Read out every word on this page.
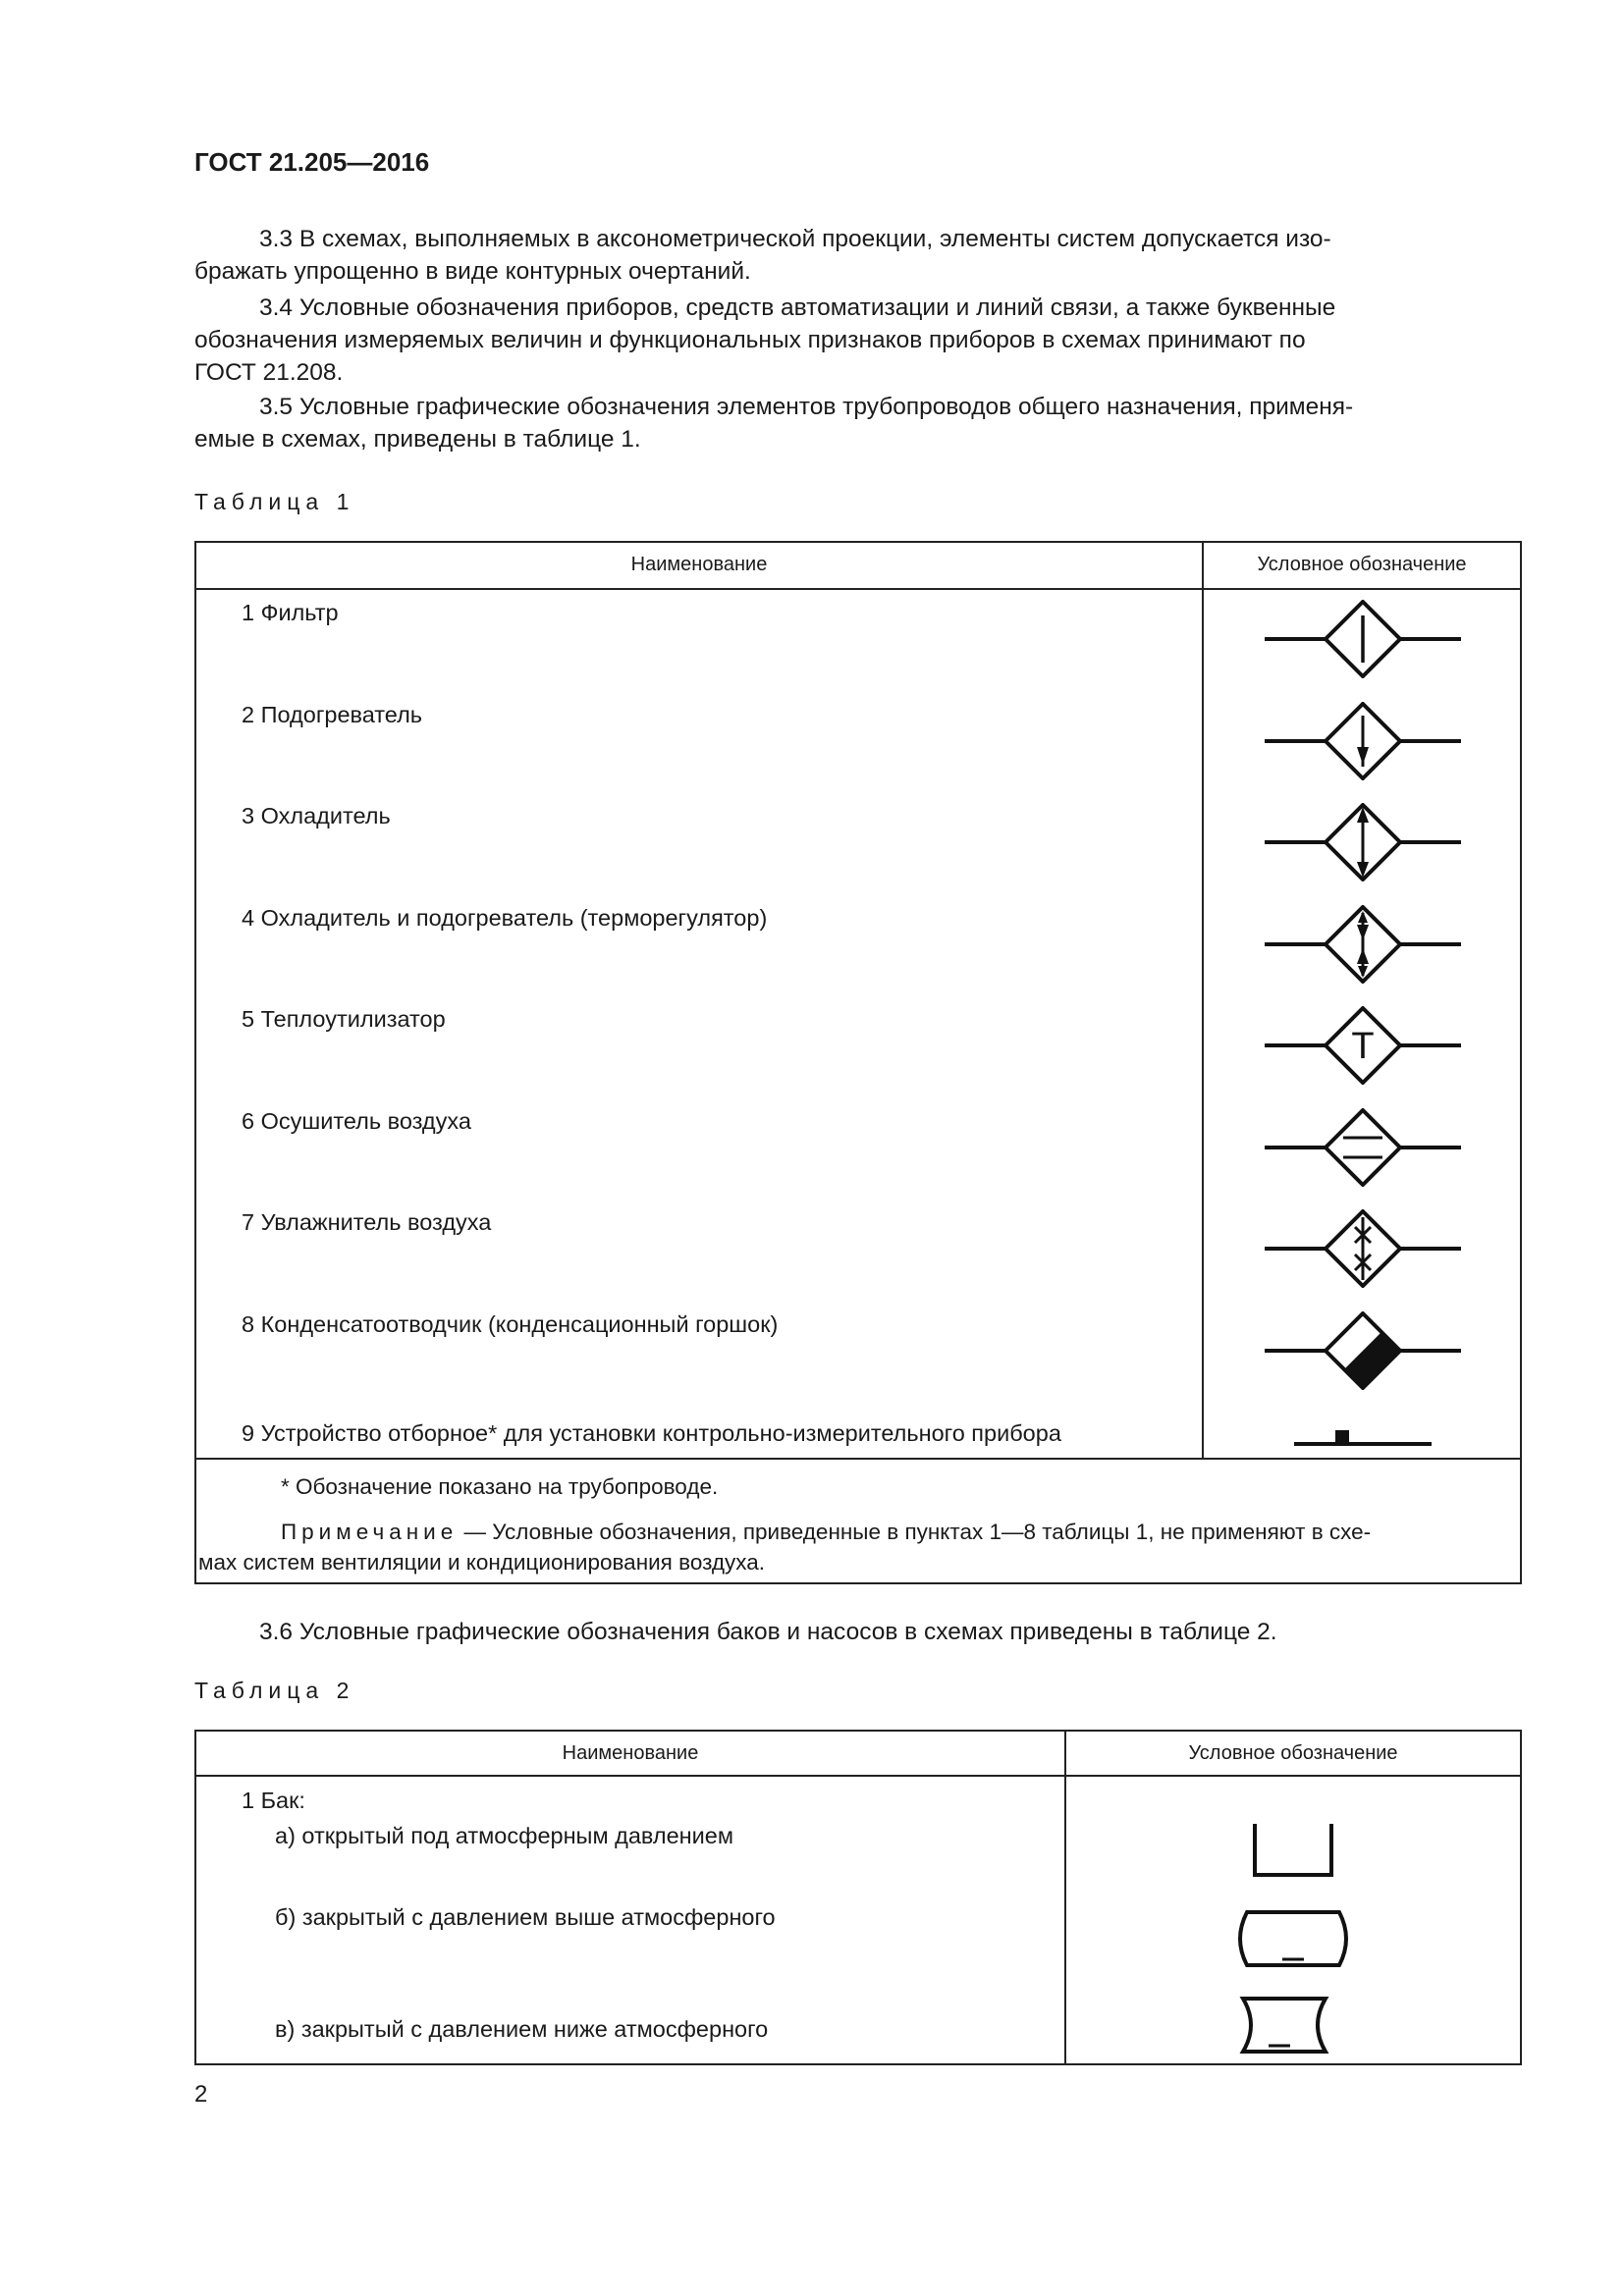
ГОСТ 21.205—2016
3.3 В схемах, выполняемых в аксонометрической проекции, элементы систем допускается изо-
бражать упрощенно в виде контурных очертаний.
3.4 Условные обозначения приборов, средств автоматизации и линий связи, а также буквенные
обозначения измеряемых величин и функциональных признаков приборов в схемах принимают по
ГОСТ 21.208.
3.5 Условные графические обозначения элементов трубопроводов общего назначения, применя-
емые в схемах, приведены в таблице 1.
Таблица 1
Наименование	Условное обозначение
1 Фильтр
2 Подогреватель
3 Охладитель
4 Охладитель и подогреватель (терморегулятор)
5 Теплоутилизатор
6 Осушитель воздуха
7 Увлажнитель воздуха
8 Конденсатоотводчик (конденсационный горшок)
9 Устройство отборное* для установки контрольно-измерительного прибора
* Обозначение показано на трубопроводе.
Примечание — Условные обозначения, приведенные в пунктах 1—8 таблицы 1, не применяют в схе-
мах систем вентиляции и кондиционирования воздуха.
Т
3.6 Условные графические обозначения баков и насосов в схемах приведены в таблице 2.
Таблица 2
Наименование	Условное обозначение
1 Бак:
а) открытый под атмосферным давлением
б) закрытый с давлением выше атмосферного
в) закрытый с давлением ниже атмосферного
2
